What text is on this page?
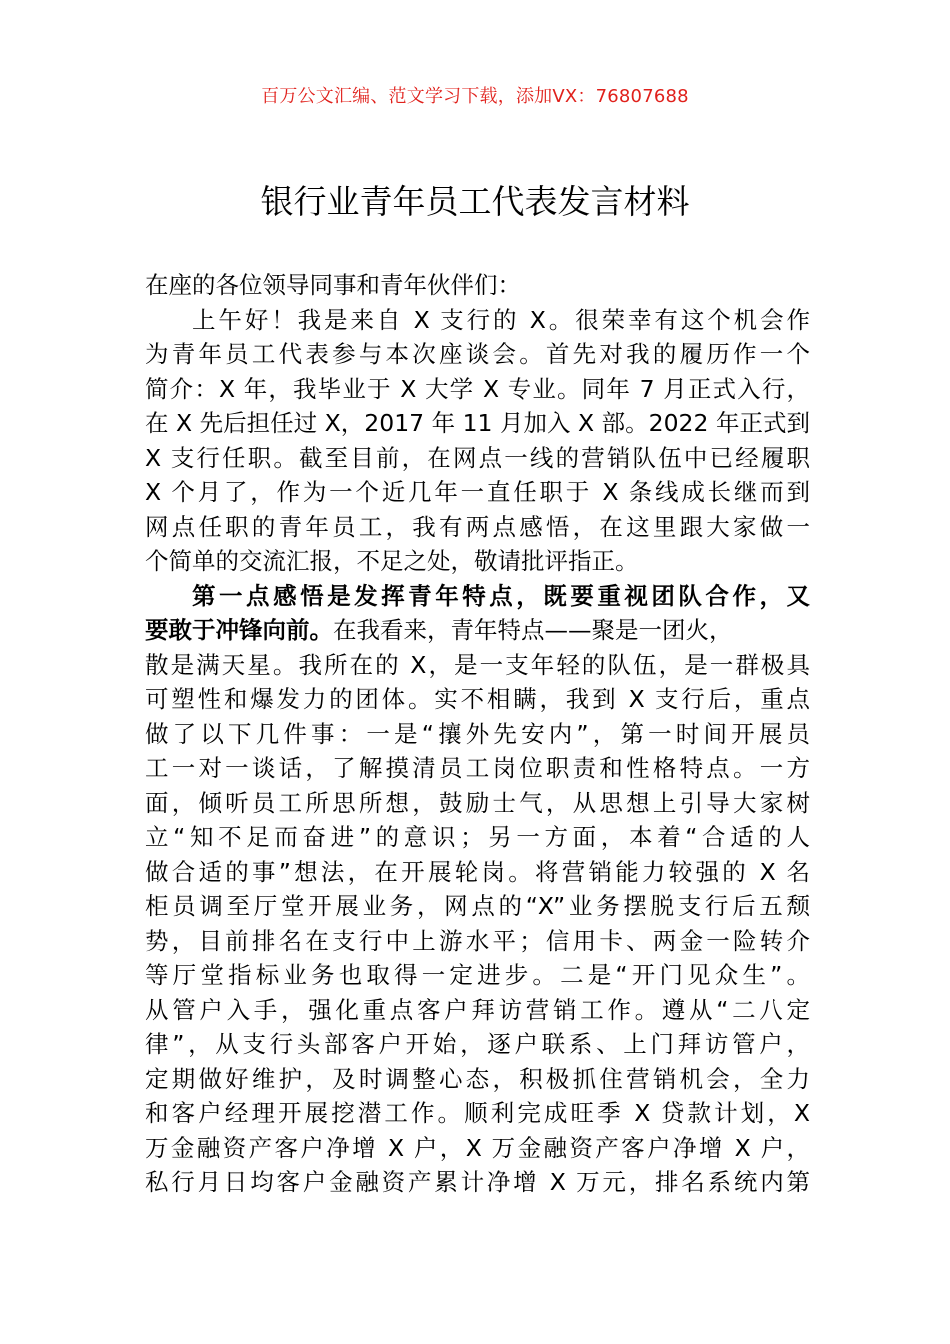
百万公文汇编、范文学习下载，添加VX：76807688
银行业青年员工代表发言材料
在座的各位领导同事和青年伙伴们：
上午好！我是来自 X 支行的 X。很荣幸有这个机会作
为青年员工代表参与本次座谈会。首先对我的履历作一个
简介：X 年，我毕业于 X 大学 X 专业。同年 7 月正式入行，
在 X 先后担任过 X，2017 年 11 月加入 X 部。2022 年正式到
X 支行任职。截至目前，在网点一线的营销队伍中已经履职
X 个月了，作为一个近几年一直任职于 X 条线成长继而到
网点任职的青年员工，我有两点感悟，在这里跟大家做一
个简单的交流汇报，不足之处，敬请批评指正。
第一点感悟是发挥青年特点，既要重视团队合作，又
要敢于冲锋向前。在我看来，青年特点——聚是一团火，
散是满天星。我所在的 X，是一支年轻的队伍，是一群极具
可塑性和爆发力的团体。实不相瞒，我到 X 支行后，重点
做了以下几件事：一是“攘外先安内”，第一时间开展员
工一对一谈话，了解摸清员工岗位职责和性格特点。一方
面，倾听员工所思所想，鼓励士气，从思想上引导大家树
立“知不足而奋进”的意识；另一方面，本着“合适的人
做合适的事”想法，在开展轮岗。将营销能力较强的 X 名
柜员调至厅堂开展业务，网点的“X”业务摆脱支行后五颓
势，目前排名在支行中上游水平；信用卡、两金一险转介
等厅堂指标业务也取得一定进步。二是“开门见众生”。
从管户入手，强化重点客户拜访营销工作。遵从“二八定
律”，从支行头部客户开始，逐户联系、上门拜访管户，
定期做好维护，及时调整心态，积极抓住营销机会，全力
和客户经理开展挖潜工作。顺利完成旺季 X 贷款计划，X
万金融资产客户净增 X 户，X 万金融资产客户净增 X 户，
私行月日均客户金融资产累计净增 X 万元，排名系统内第
